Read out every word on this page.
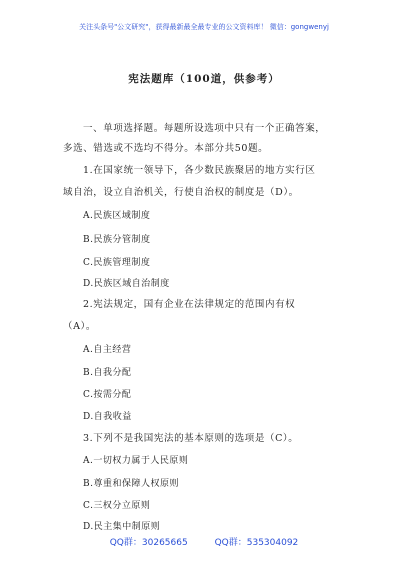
关注头条号"公文研究"，获得最新最全最专业的公文资料库！ 微信：gongwenyj
宪法题库（100道，供参考）
一、单项选择题。每题所设选项中只有一个正确答案，
多选、错选或不选均不得分。本部分共50题。
1.在国家统一领导下，各少数民族聚居的地方实行区
域自治，设立自治机关，行使自治权的制度是（D）。
A.民族区域制度
B.民族分管制度
C.民族管理制度
D.民族区域自治制度
2.宪法规定，国有企业在法律规定的范围内有权
（A）。
A.自主经营
B.自我分配
C.按需分配
D.自我收益
3.下列不是我国宪法的基本原则的选项是（C）。
A.一切权力属于人民原则
B.尊重和保障人权原则
C.三权分立原则
D.民主集中制原则
QQ群：30265665	QQ群：535304092
